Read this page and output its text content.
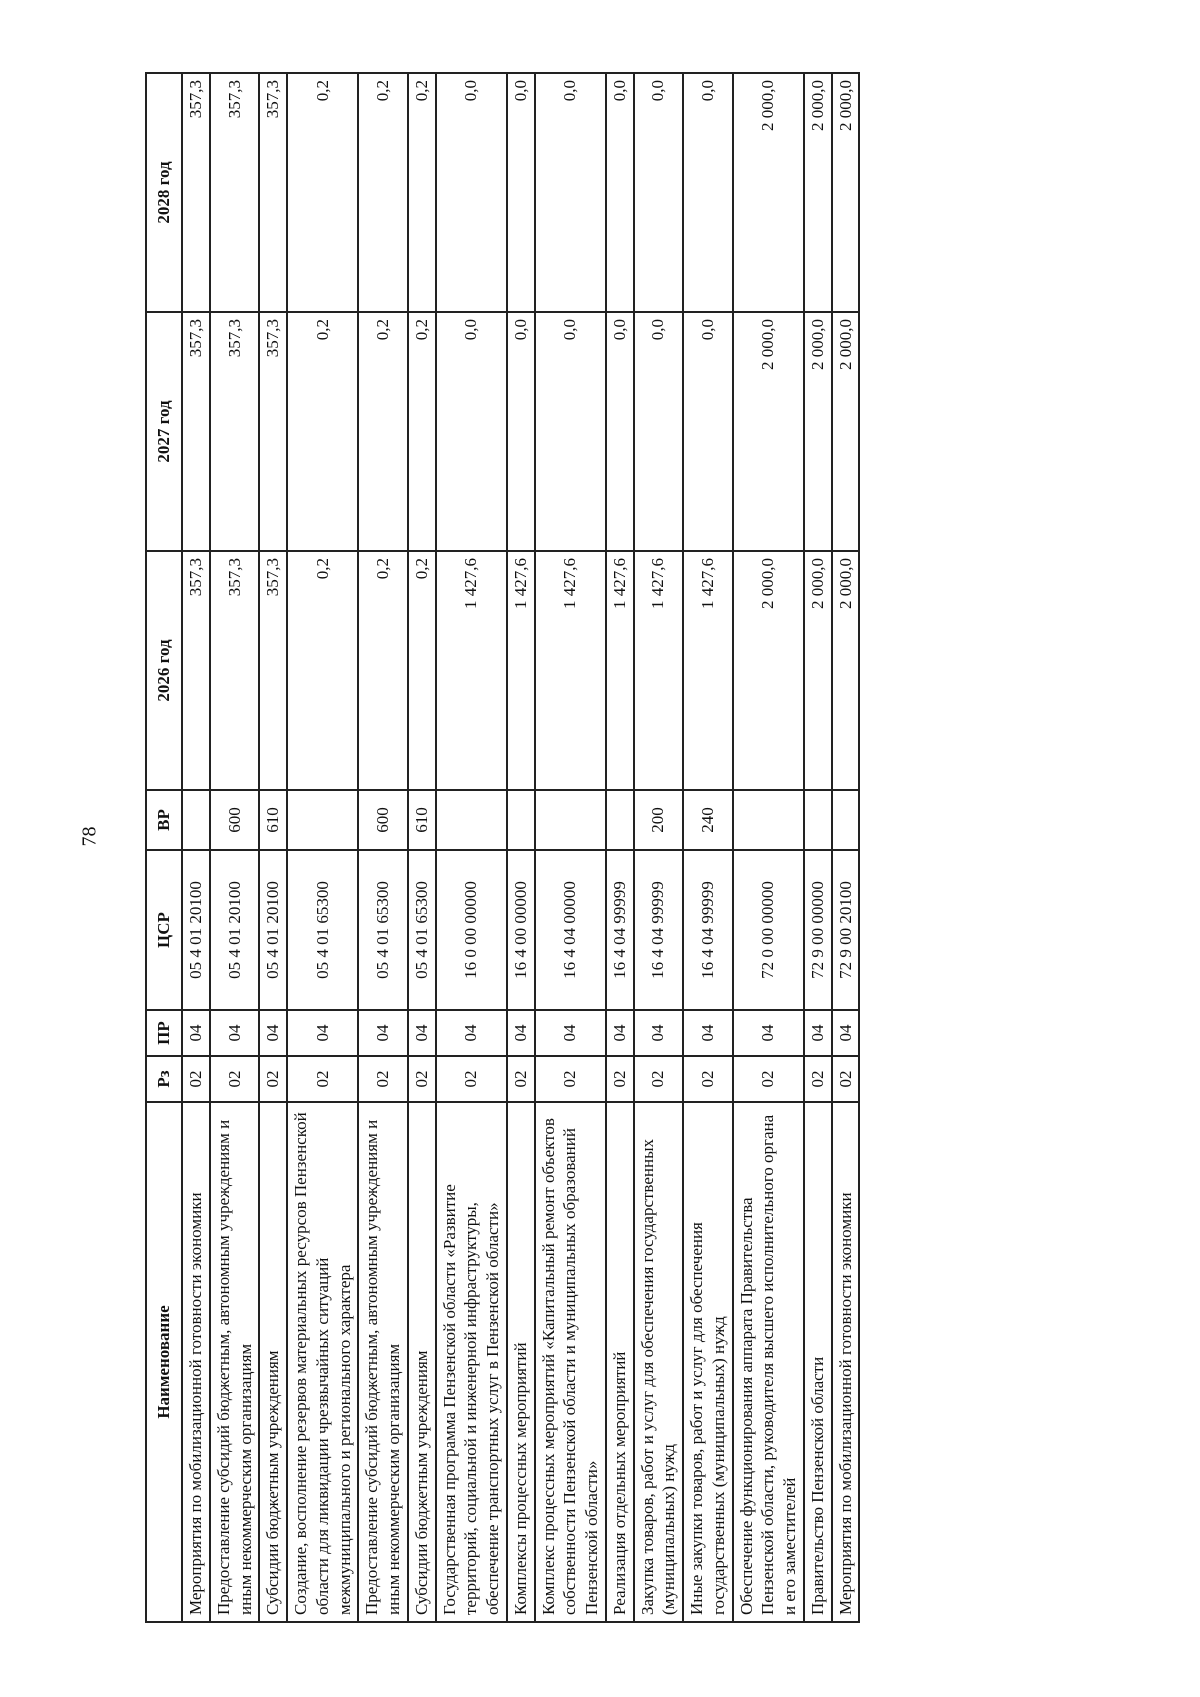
78
Наименование	Рз	ПР	ЦСР	ВР	2026 год	2027 год	2028 год
Мероприятия по мобилизационной готовности экономики	02	04	05 4 01 20100		357,3	357,3	357,3
Предоставление субсидий бюджетным, автономным учреждениям и иным некоммерческим организациям	02	04	05 4 01 20100	600	357,3	357,3	357,3
Субсидии бюджетным учреждениям	02	04	05 4 01 20100	610	357,3	357,3	357,3
Создание, восполнение резервов материальных ресурсов Пензенской области для ликвидации чрезвычайных ситуаций межмуниципального и регионального характера	02	04	05 4 01 65300		0,2	0,2	0,2
Предоставление субсидий бюджетным, автономным учреждениям и иным некоммерческим организациям	02	04	05 4 01 65300	600	0,2	0,2	0,2
Субсидии бюджетным учреждениям	02	04	05 4 01 65300	610	0,2	0,2	0,2
Государственная программа Пензенской области «Развитие территорий, социальной и инженерной инфраструктуры, обеспечение транспортных услуг в Пензенской области»	02	04	16 0 00 00000		1 427,6	0,0	0,0
Комплексы процессных мероприятий	02	04	16 4 00 00000		1 427,6	0,0	0,0
Комплекс процессных мероприятий «Капитальный ремонт объектов собственности Пензенской области и муниципальных образований Пензенской области»	02	04	16 4 04 00000		1 427,6	0,0	0,0
Реализация отдельных мероприятий	02	04	16 4 04 99999		1 427,6	0,0	0,0
Закупка товаров, работ и услуг для обеспечения государственных (муниципальных) нужд	02	04	16 4 04 99999	200	1 427,6	0,0	0,0
Иные закупки товаров, работ и услуг для обеспечения государственных (муниципальных) нужд	02	04	16 4 04 99999	240	1 427,6	0,0	0,0
Обеспечение функционирования аппарата Правительства Пензенской области, руководителя высшего исполнительного органа и его заместителей	02	04	72 0 00 00000		2 000,0	2 000,0	2 000,0
Правительство Пензенской области	02	04	72 9 00 00000		2 000,0	2 000,0	2 000,0
Мероприятия по мобилизационной готовности экономики	02	04	72 9 00 20100		2 000,0	2 000,0	2 000,0
